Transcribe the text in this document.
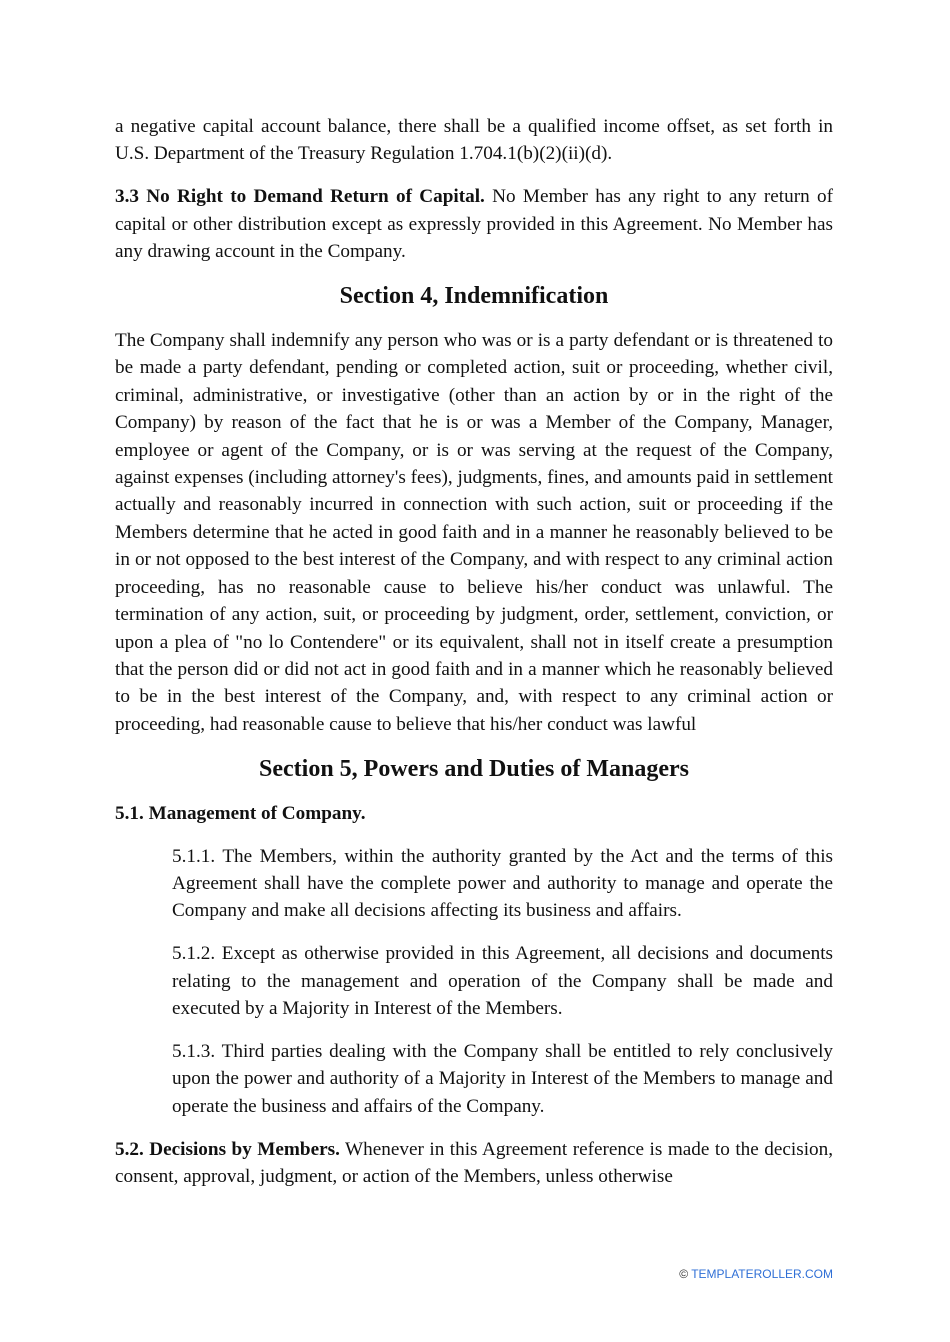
a negative capital account balance, there shall be a qualified income offset, as set forth in U.S. Department of the Treasury Regulation 1.704.1(b)(2)(ii)(d).

3.3 No Right to Demand Return of Capital. No Member has any right to any return of capital or other distribution except as expressly provided in this Agreement. No Member has any drawing account in the Company.

Section 4, Indemnification

The Company shall indemnify any person who was or is a party defendant or is threatened to be made a party defendant, pending or completed action, suit or proceeding, whether civil, criminal, administrative, or investigative (other than an action by or in the right of the Company) by reason of the fact that he is or was a Member of the Company, Manager, employee or agent of the Company, or is or was serving at the request of the Company, against expenses (including attorney's fees), judgments, fines, and amounts paid in settlement actually and reasonably incurred in connection with such action, suit or proceeding if the Members determine that he acted in good faith and in a manner he reasonably believed to be in or not opposed to the best interest of the Company, and with respect to any criminal action proceeding, has no reasonable cause to believe his/her conduct was unlawful. The termination of any action, suit, or proceeding by judgment, order, settlement, conviction, or upon a plea of "no lo Contendere" or its equivalent, shall not in itself create a presumption that the person did or did not act in good faith and in a manner which he reasonably believed to be in the best interest of the Company, and, with respect to any criminal action or proceeding, had reasonable cause to believe that his/her conduct was lawful

Section 5, Powers and Duties of Managers

5.1. Management of Company.

5.1.1. The Members, within the authority granted by the Act and the terms of this Agreement shall have the complete power and authority to manage and operate the Company and make all decisions affecting its business and affairs.

5.1.2. Except as otherwise provided in this Agreement, all decisions and documents relating to the management and operation of the Company shall be made and executed by a Majority in Interest of the Members.

5.1.3. Third parties dealing with the Company shall be entitled to rely conclusively upon the power and authority of a Majority in Interest of the Members to manage and operate the business and affairs of the Company.

5.2. Decisions by Members. Whenever in this Agreement reference is made to the decision, consent, approval, judgment, or action of the Members, unless otherwise

© TEMPLATEROLLER.COM
